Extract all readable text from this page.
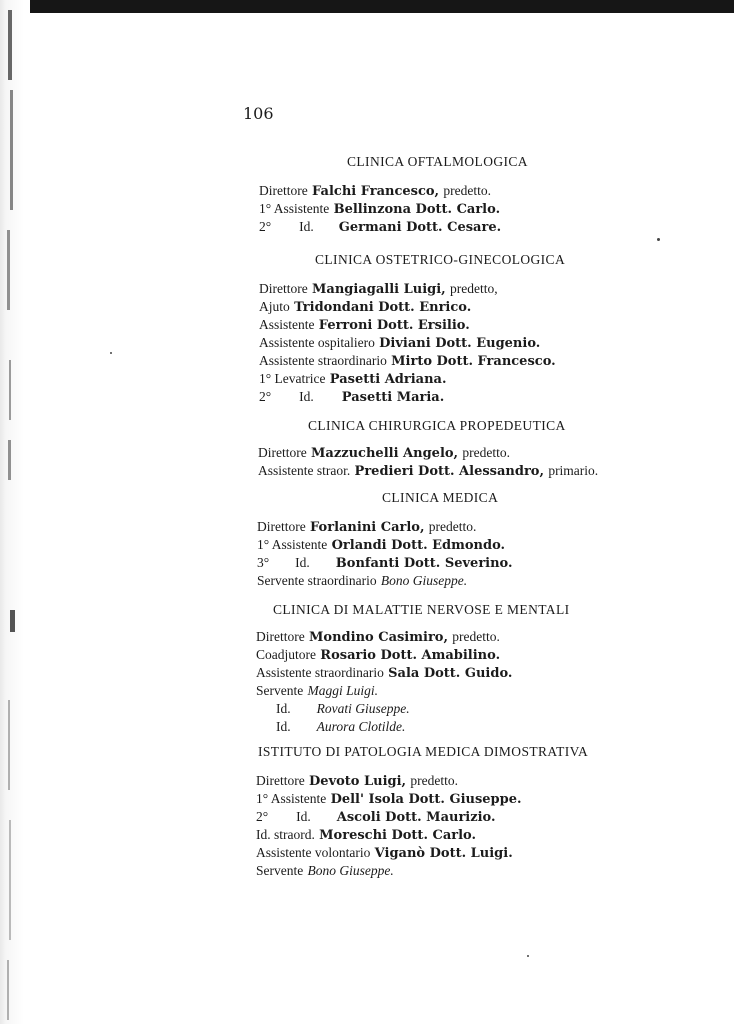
106
CLINICA OFTALMOLOGICA
Direttore Falchi Francesco, predetto.
1° Assistente Bellinzona Dott. Carlo.
2° Id. Germani Dott. Cesare.
CLINICA OSTETRICO-GINECOLOGICA
Direttore Mangiagalli Luigi, predetto,
Ajuto Tridondani Dott. Enrico.
Assistente Ferroni Dott. Ersilio.
Assistente ospitaliero Diviani Dott. Eugenio.
Assistente straordinario Mirto Dott. Francesco.
1° Levatrice Pasetti Adriana.
2° Id. Pasetti Maria.
CLINICA CHIRURGICA PROPEDEUTICA
Direttore Mazzuchelli Angelo, predetto.
Assistente straor. Predieri Dott. Alessandro, primario.
CLINICA MEDICA
Direttore Forlanini Carlo, predetto.
1° Assistente Orlandi Dott. Edmondo.
3° Id. Bonfanti Dott. Severino.
Servente straordinario Bono Giuseppe.
CLINICA DI MALATTIE NERVOSE E MENTALI
Direttore Mondino Casimiro, predetto.
Coadjutore Rosario Dott. Amabilino.
Assistente straordinario Sala Dott. Guido.
Servente Maggi Luigi.
Id. Rovati Giuseppe.
Id. Aurora Clotilde.
ISTITUTO DI PATOLOGIA MEDICA DIMOSTRATIVA
Direttore Devoto Luigi, predetto.
1° Assistente Dell' Isola Dott. Giuseppe.
2° Id. Ascoli Dott. Maurizio.
Id. straord. Moreschi Dott. Carlo.
Assistente volontario Viganò Dott. Luigi.
Servente Bono Giuseppe.
